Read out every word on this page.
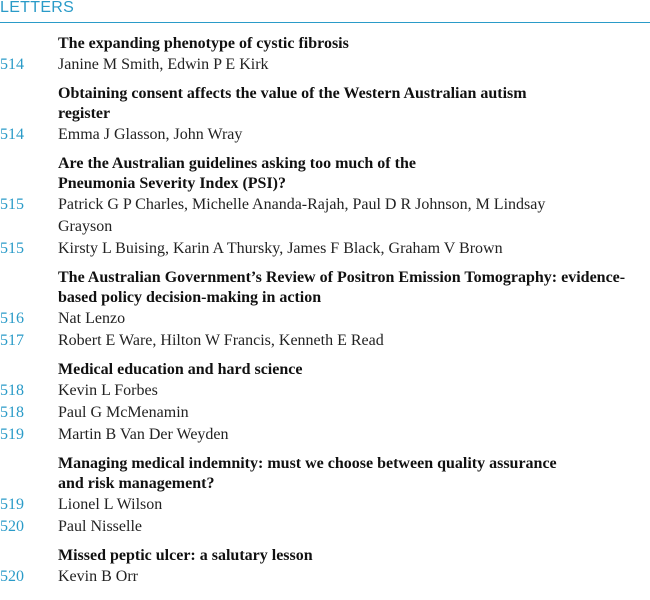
LETTERS
The expanding phenotype of cystic fibrosis
514	Janine M Smith, Edwin P E Kirk
Obtaining consent affects the value of the Western Australian autism register
514	Emma J Glasson, John Wray
Are the Australian guidelines asking too much of the Pneumonia Severity Index (PSI)?
515	Patrick G P Charles, Michelle Ananda-Rajah, Paul D R Johnson, M Lindsay Grayson
515	Kirsty L Buising, Karin A Thursky, James F Black, Graham V Brown
The Australian Government’s Review of Positron Emission Tomography: evidence-based policy decision-making in action
516	Nat Lenzo
517	Robert E Ware, Hilton W Francis, Kenneth E Read
Medical education and hard science
518	Kevin L Forbes
518	Paul G McMenamin
519	Martin B Van Der Weyden
Managing medical indemnity: must we choose between quality assurance and risk management?
519	Lionel L Wilson
520	Paul Nisselle
Missed peptic ulcer: a salutary lesson
520	Kevin B Orr
